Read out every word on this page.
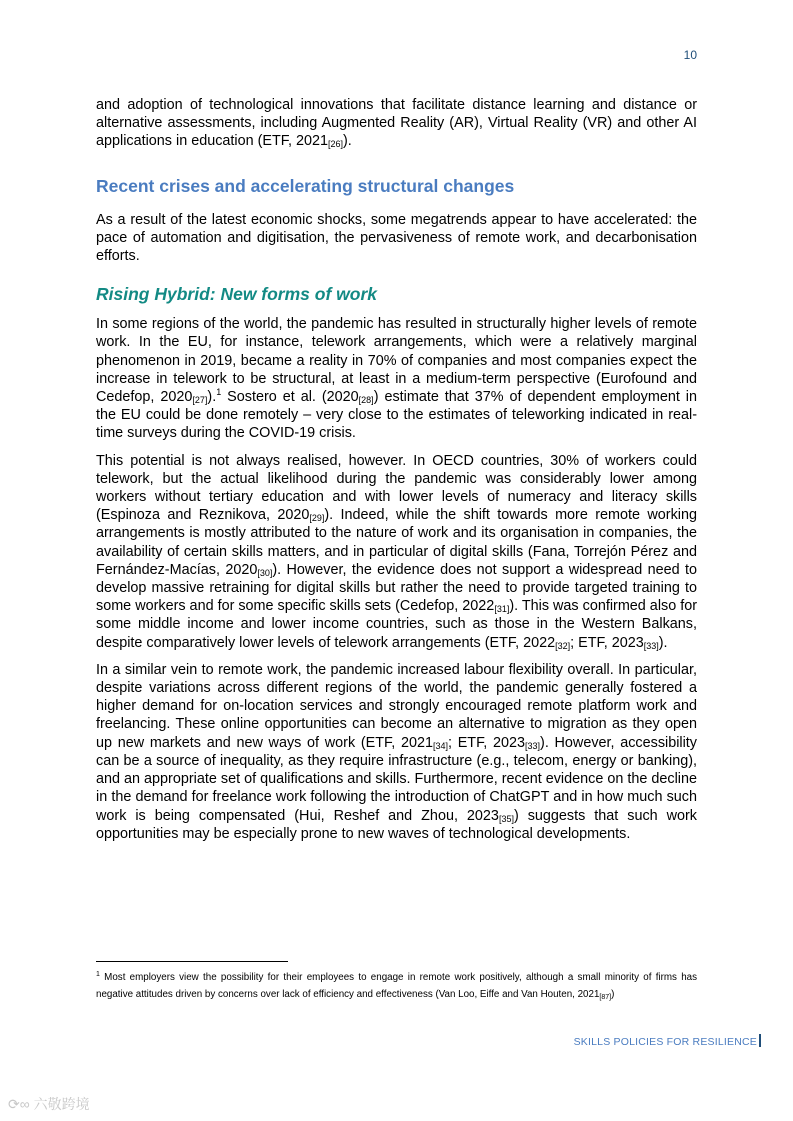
10

and adoption of technological innovations that facilitate distance learning and distance or alternative assessments, including Augmented Reality (AR), Virtual Reality (VR) and other AI applications in education (ETF, $2021_{[26]}$).

Recent crises and accelerating structural changes

As a result of the latest economic shocks, some megatrends appear to have accelerated: the pace of automation and digitisation, the pervasiveness of remote work, and decarbonisation efforts.

Rising Hybrid: New forms of work

In some regions of the world, the pandemic has resulted in structurally higher levels of remote work. In the EU, for instance, telework arrangements, which were a relatively marginal phenomenon in 2019, became a reality in 70% of companies and most companies expect the increase in telework to be structural, at least in a medium-term perspective (Eurofound and Cedefop, $2020_{[27]}).^1$ Sostero et al. $(2020_{[28]})$ estimate that 37% of dependent employment in the EU could be done remotely – very close to the estimates of teleworking indicated in real-time surveys during the COVID-19 crisis.

This potential is not always realised, however. In OECD countries, 30% of workers could telework, but the actual likelihood during the pandemic was considerably lower among workers without tertiary education and with lower levels of numeracy and literacy skills (Espinoza and Reznikova, $2020_{[29]}$). Indeed, while the shift towards more remote working arrangements is mostly attributed to the nature of work and its organisation in companies, the availability of certain skills matters, and in particular of digital skills (Fana, Torrejón Pérez and Fernández-Macías, $2020_{[30]}$). However, the evidence does not support a widespread need to develop massive retraining for digital skills but rather the need to provide targeted training to some workers and for some specific skills sets (Cedefop, $2022_{[31]}$). This was confirmed also for some middle income and lower income countries, such as those in the Western Balkans, despite comparatively lower levels of telework arrangements (ETF, $2022_{[32]}$; ETF, $2023_{[33]}$).

In a similar vein to remote work, the pandemic increased labour flexibility overall. In particular, despite variations across different regions of the world, the pandemic generally fostered a higher demand for on-location services and strongly encouraged remote platform work and freelancing. These online opportunities can become an alternative to migration as they open up new markets and new ways of work (ETF, $2021_{[34]}$; ETF, $2023_{[33]}$). However, accessibility can be a source of inequality, as they require infrastructure (e.g., telecom, energy or banking), and an appropriate set of qualifications and skills. Furthermore, recent evidence on the decline in the demand for freelance work following the introduction of ChatGPT and in how much such work is being compensated (Hui, Reshef and Zhou, $2023_{[35]}$) suggests that such work opportunities may be especially prone to new waves of technological developments.

$^1$ Most employers view the possibility for their employees to engage in remote work positively, although a small minority of firms has negative attitudes driven by concerns over lack of efficiency and effectiveness (Van Loo, Eiffe and Van Houten, $2021_{[87]}$)
SKILLS POLICIES FOR RESILIENCE
⟳∞ 六敬跨境
